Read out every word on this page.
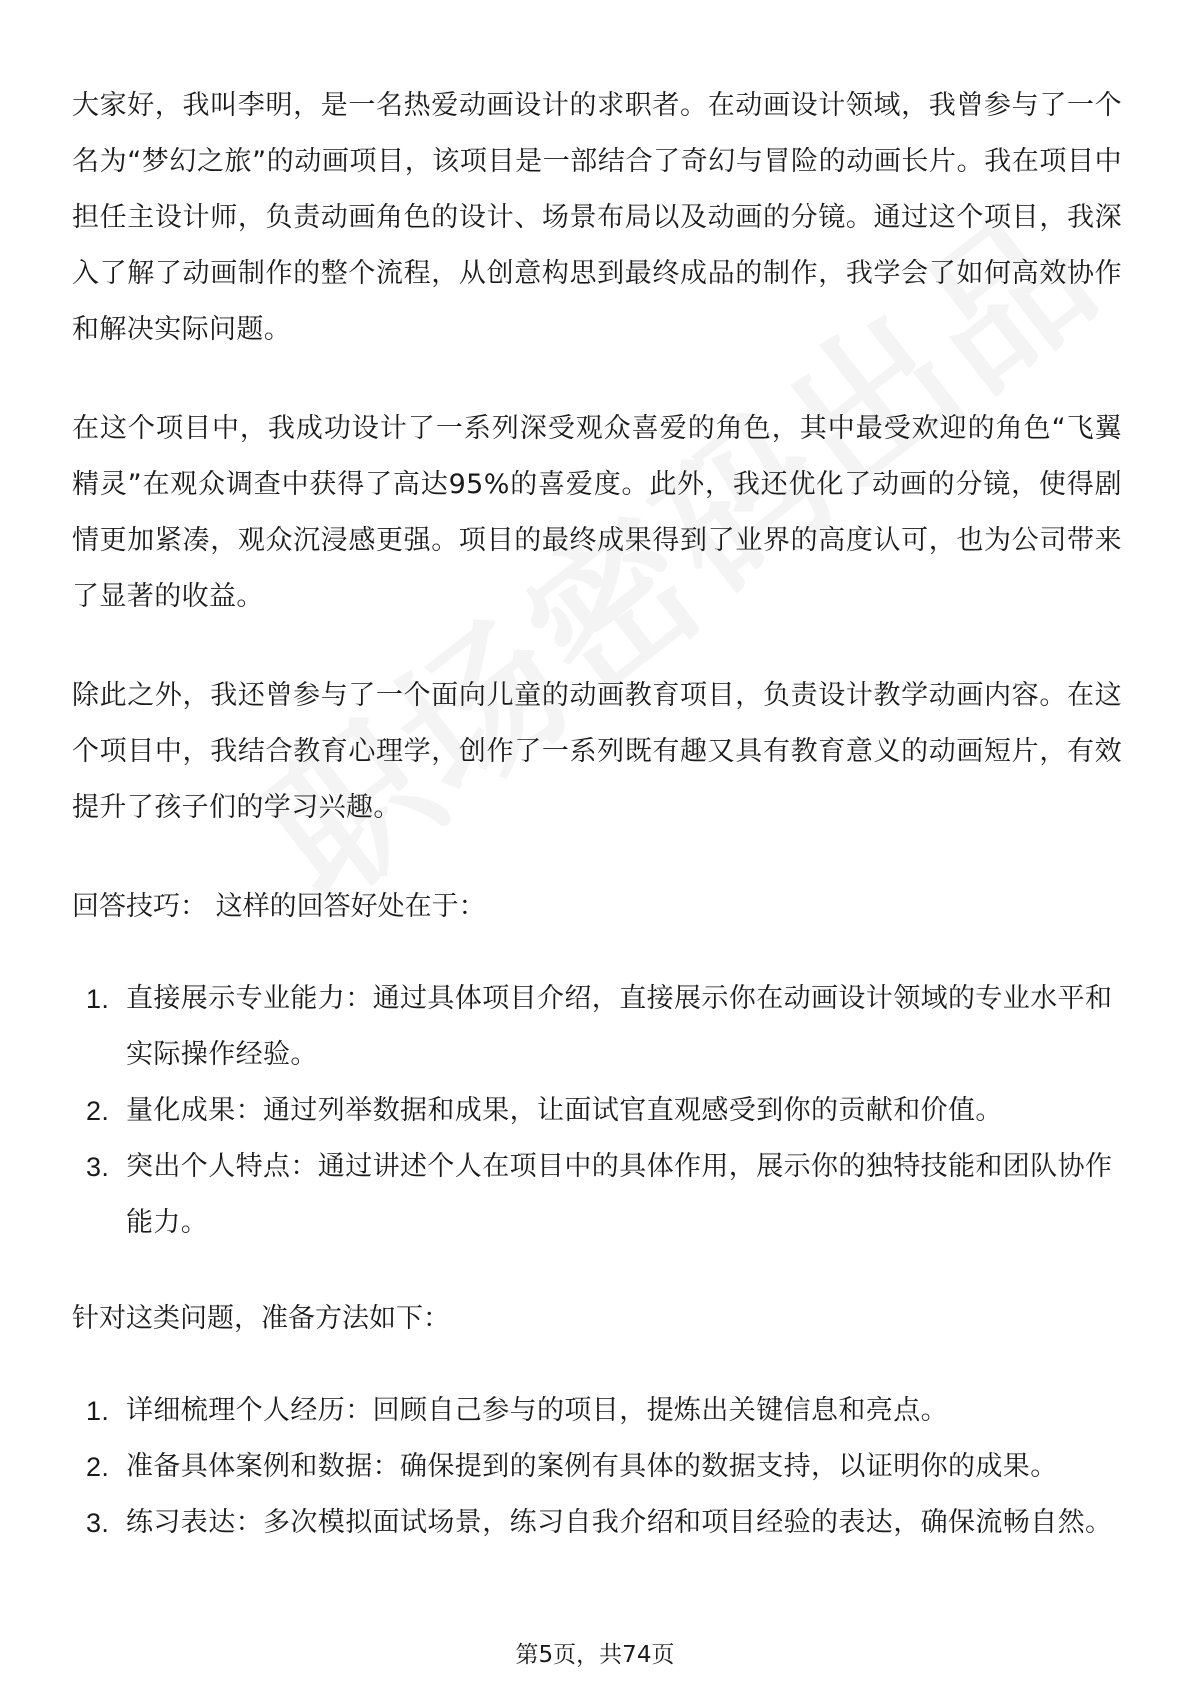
大家好，我叫李明，是一名热爱动画设计的求职者。在动画设计领域，我曾参与了一个名为“梦幻之旅”的动画项目，该项目是一部结合了奇幻与冒险的动画长片。我在项目中担任主设计师，负责动画角色的设计、场景布局以及动画的分镜。通过这个项目，我深入了解了动画制作的整个流程，从创意构思到最终成品的制作，我学会了如何高效协作和解决实际问题。

在这个项目中，我成功设计了一系列深受观众喜爱的角色，其中最受欢迎的角色“飞翼精灵”在观众调查中获得了高达95%的喜爱度。此外，我还优化了动画的分镜，使得剧情更加紧凑，观众沉浸感更强。项目的最终成果得到了业界的高度认可，也为公司带来了显著的收益。

除此之外，我还曾参与了一个面向儿童的动画教育项目，负责设计教学动画内容。在这个项目中，我结合教育心理学，创作了一系列既有趣又具有教育意义的动画短片，有效提升了孩子们的学习兴趣。

回答技巧： 这样的回答好处在于：

1. 直接展示专业能力：通过具体项目介绍，直接展示你在动画设计领域的专业水平和实际操作经验。
2. 量化成果：通过列举数据和成果，让面试官直观感受到你的贡献和价值。
3. 突出个人特点：通过讲述个人在项目中的具体作用，展示你的独特技能和团队协作能力。

针对这类问题，准备方法如下：

1. 详细梳理个人经历：回顾自己参与的项目，提炼出关键信息和亮点。
2. 准备具体案例和数据：确保提到的案例有具体的数据支持，以证明你的成果。
3. 练习表达：多次模拟面试场景，练习自我介绍和项目经验的表达，确保流畅自然。
第5页，共74页
